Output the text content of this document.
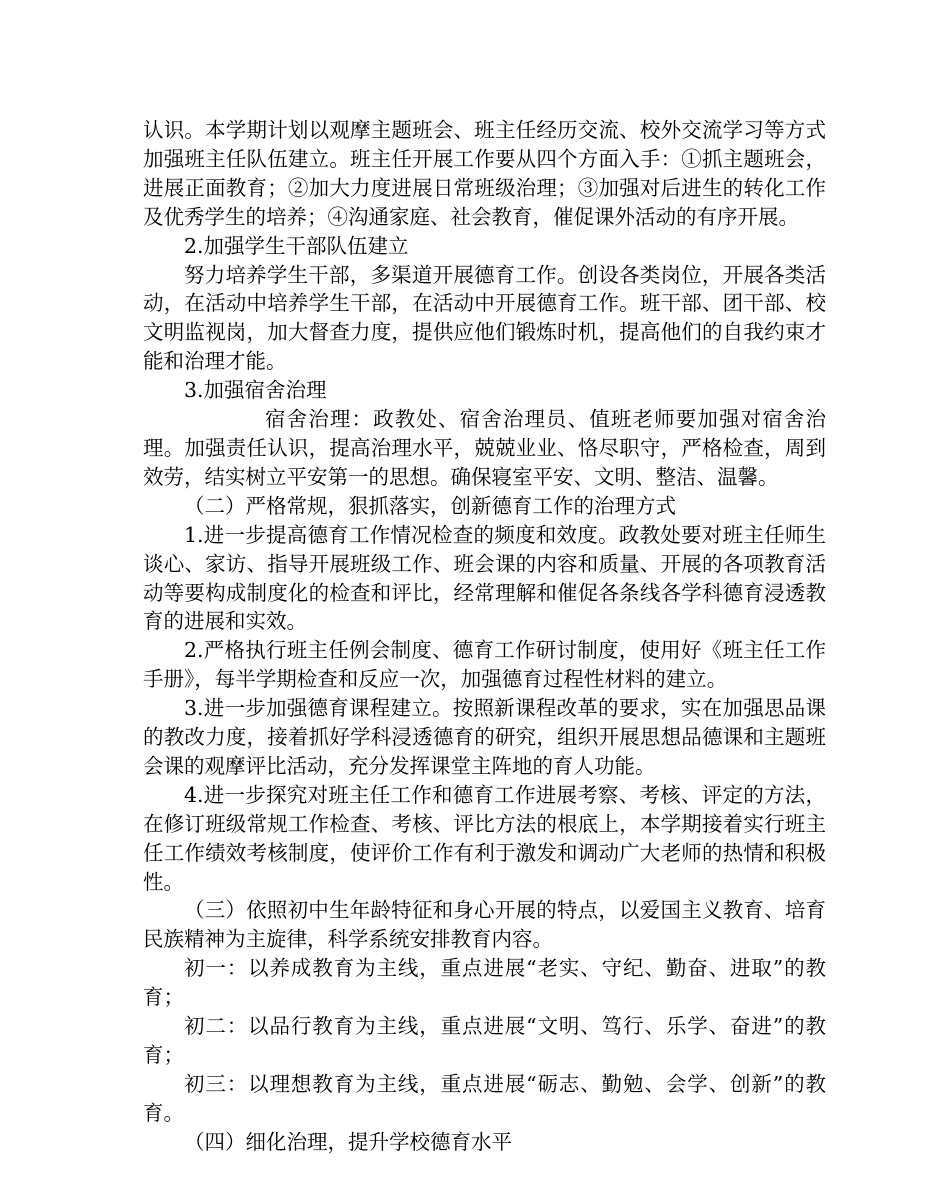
认识。本学期计划以观摩主题班会、班主任经历交流、校外交流学习等方式加强班主任队伍建立。班主任开展工作要从四个方面入手：①抓主题班会，进展正面教育；②加大力度进展日常班级治理；③加强对后进生的转化工作及优秀学生的培养；④沟通家庭、社会教育，催促课外活动的有序开展。

2.加强学生干部队伍建立

努力培养学生干部，多渠道开展德育工作。创设各类岗位，开展各类活动，在活动中培养学生干部，在活动中开展德育工作。班干部、团干部、校文明监视岗，加大督查力度，提供应他们锻炼时机，提高他们的自我约束才能和治理才能。

3.加强宿舍治理

宿舍治理：政教处、宿舍治理员、值班老师要加强对宿舍治理。加强责任认识，提高治理水平，兢兢业业、恪尽职守，严格检查，周到效劳，结实树立平安第一的思想。确保寝室平安、文明、整洁、温馨。

（二）严格常规，狠抓落实，创新德育工作的治理方式

1.进一步提高德育工作情况检查的频度和效度。政教处要对班主任师生谈心、家访、指导开展班级工作、班会课的内容和质量、开展的各项教育活动等要构成制度化的检查和评比，经常理解和催促各条线各学科德育浸透教育的进展和实效。

2.严格执行班主任例会制度、德育工作研讨制度，使用好《班主任工作手册》，每半学期检查和反应一次，加强德育过程性材料的建立。

3.进一步加强德育课程建立。按照新课程改革的要求，实在加强思品课的教改力度，接着抓好学科浸透德育的研究，组织开展思想品德课和主题班会课的观摩评比活动，充分发挥课堂主阵地的育人功能。

4.进一步探究对班主任工作和德育工作进展考察、考核、评定的方法，在修订班级常规工作检查、考核、评比方法的根底上，本学期接着实行班主任工作绩效考核制度，使评价工作有利于激发和调动广大老师的热情和积极性。

（三）依照初中生年龄特征和身心开展的特点，以爱国主义教育、培育民族精神为主旋律，科学系统安排教育内容。

初一：以养成教育为主线，重点进展“老实、守纪、勤奋、进取”的教育；

初二：以品行教育为主线，重点进展“文明、笃行、乐学、奋进”的教育；

初三：以理想教育为主线，重点进展“砺志、勤勉、会学、创新”的教育。

（四）细化治理，提升学校德育水平
